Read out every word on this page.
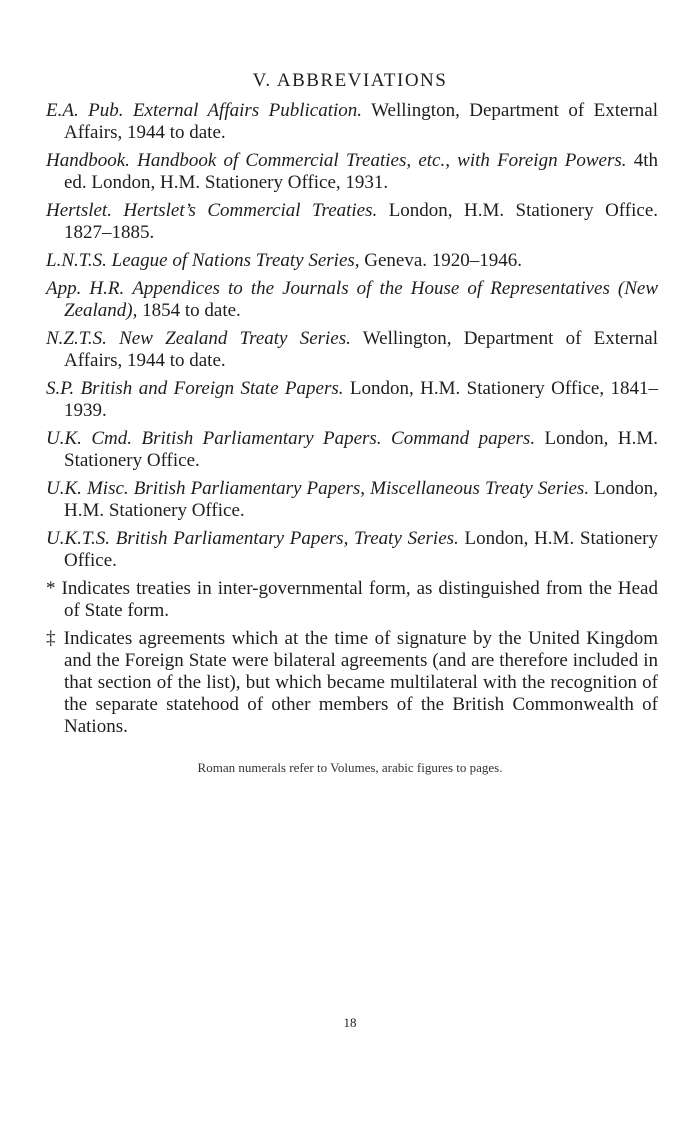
V. ABBREVIATIONS
E.A. Pub. External Affairs Publication. Wellington, Department of External Affairs, 1944 to date.
Handbook. Handbook of Commercial Treaties, etc., with Foreign Powers. 4th ed. London, H.M. Stationery Office, 1931.
Hertslet. Hertslet’s Commercial Treaties. London, H.M. Stationery Office. 1827–1885.
L.N.T.S. League of Nations Treaty Series, Geneva. 1920–1946.
App. H.R. Appendices to the Journals of the House of Representatives (New Zealand), 1854 to date.
N.Z.T.S. New Zealand Treaty Series. Wellington, Department of External Affairs, 1944 to date.
S.P. British and Foreign State Papers. London, H.M. Stationery Office, 1841–1939.
U.K. Cmd. British Parliamentary Papers. Command papers. London, H.M. Stationery Office.
U.K. Misc. British Parliamentary Papers, Miscellaneous Treaty Series. London, H.M. Stationery Office.
U.K.T.S. British Parliamentary Papers, Treaty Series. London, H.M. Stationery Office.
* Indicates treaties in inter-governmental form, as distinguished from the Head of State form.
‡ Indicates agreements which at the time of signature by the United Kingdom and the Foreign State were bilateral agreements (and are therefore included in that section of the list), but which became multilateral with the recognition of the separate statehood of other members of the British Commonwealth of Nations.
Roman numerals refer to Volumes, arabic figures to pages.
18
